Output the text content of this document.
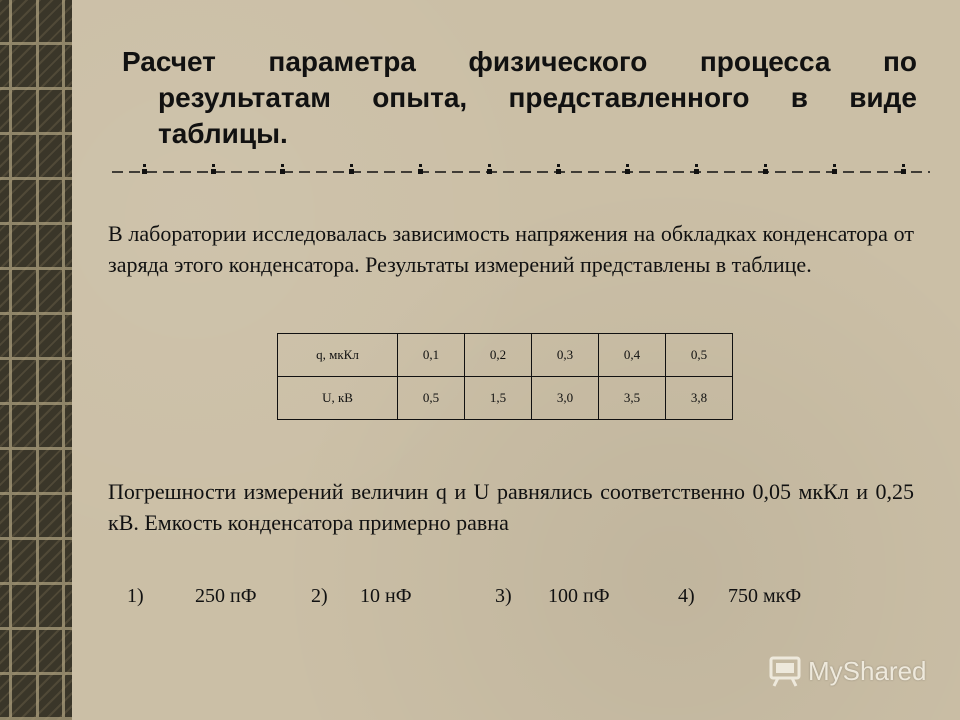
Расчет параметра физического процесса по
результатам опыта, представленного в виде
таблицы.

В лаборатории исследовалась зависимость напряжения на обкладках конденсатора от заряда этого конденсатора. Результаты измерений представлены в таблице.

q, мкКл	0,1	0,2	0,3	0,4	0,5
U, кВ	0,5	1,5	3,0	3,5	3,8

Погрешности измерений величин q и U равнялись соответственно 0,05 мкКл и 0,25 кВ. Емкость конденсатора примерно равна

1)	250 пФ	2) 10 нФ	3) 100 пФ	4) 750 мкФ
MyShared
